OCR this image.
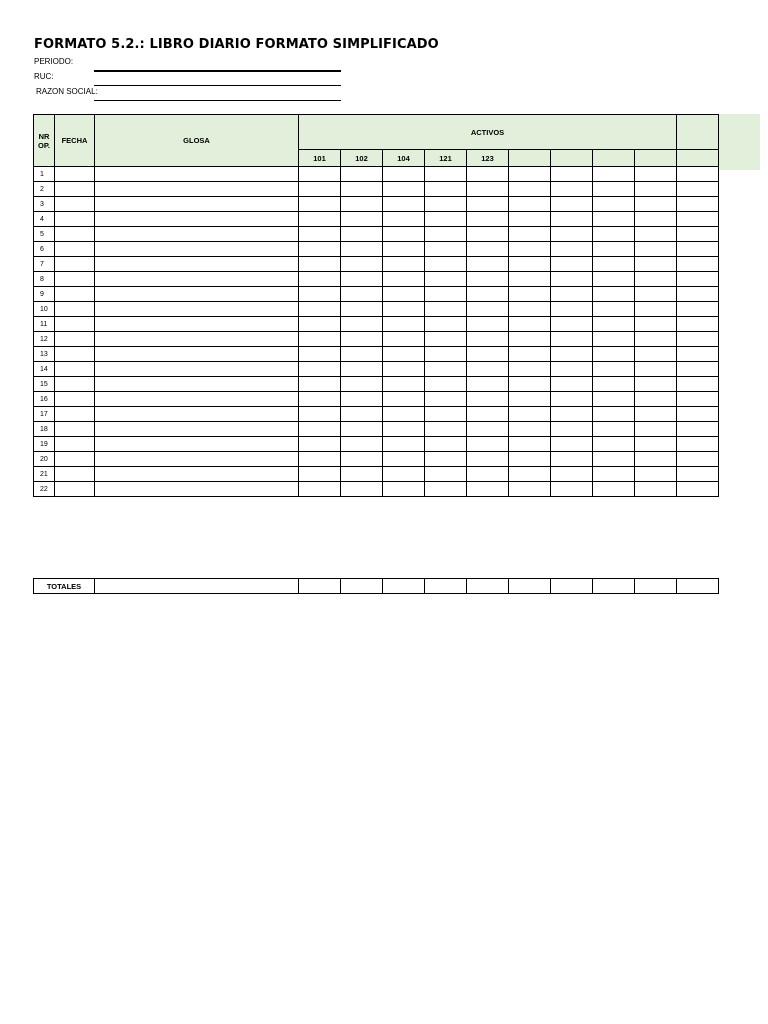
FORMATO 5.2.: LIBRO DIARIO FORMATO SIMPLIFICADO
PERIODO:
RUC:
RAZON SOCIAL:
NR
OP.	FECHA	GLOSA	ACTIVOS									
			101	102	104	121	123					
1												
2												
3												
4												
5												
6												
7												
8												
9												
10												
11												
12												
13												
14												
15												
16												
17												
18												
19												
20												
21												
22												
TOTALES											
